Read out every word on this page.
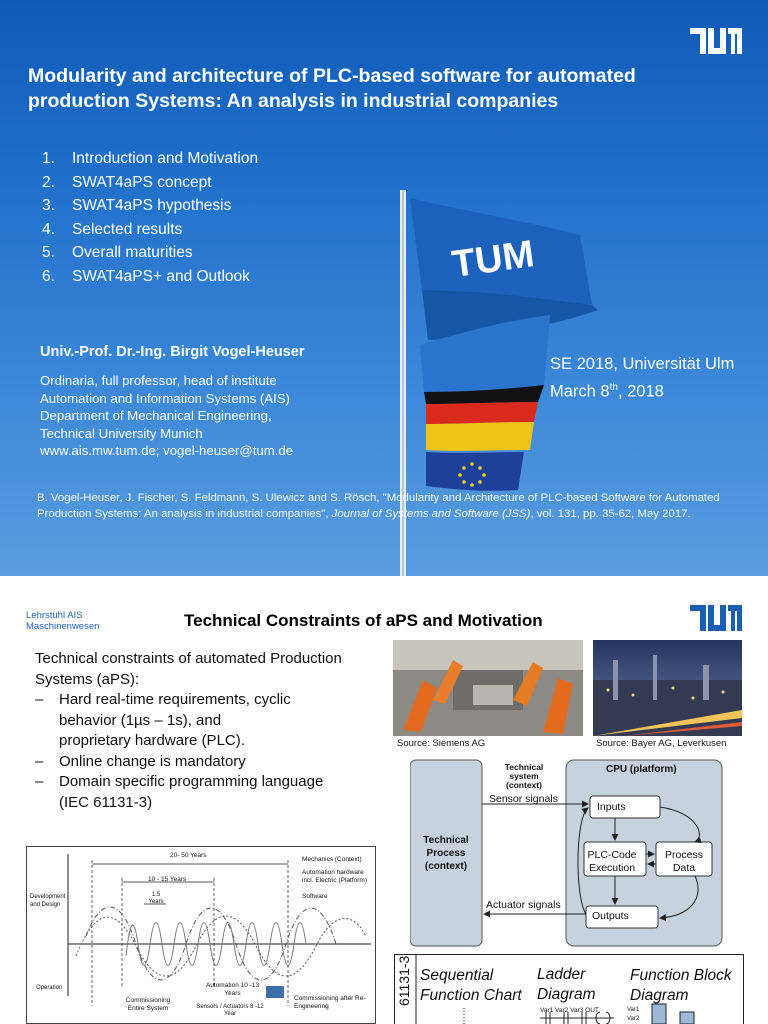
TUM
Modularity and architecture of PLC-based software for automated
production Systems: An analysis in industrial companies
1.	Introduction and Motivation
2.	SWAT4aPS concept
3.	SWAT4aPS hypothesis
4.	Selected results
5.	Overall maturities
6.	SWAT4aPS+ and Outlook
Univ.-Prof. Dr.-Ing. Birgit Vogel-Heuser
Ordinaria, full professor, head of institute
Automation and Information Systems (AIS)
Department of Mechanical Engineering,
Technical University Munich
www.ais.mw.tum.de; vogel-heuser@tum.de
SE 2018, Universität Ulm
March 8th, 2018
B. Vogel-Heuser, J. Fischer, S. Feldmann, S. Ulewicz and S. Rösch, "Modularity and Architecture of PLC-based Software for Automated Production Systems: An analysis in industrial companies", Journal of Systems and Software (JSS), vol. 131, pp. 35-62, May 2017.
Lehrstuhl AIS
Maschinenwesen	Technical Constraints of aPS and Motivation
Technical constraints of automated Production
Systems (aPS):
–	Hard real-time requirements, cyclic
behavior (1µs – 1s), and
proprietary hardware (PLC).
–	Online change is mandatory
–	Domain specific programming language
(IEC 61131-3)
Source: Siemens AG	Source: Bayer AG, Leverkusen
Technical system (context)
CPU (platform)
Technical Process (context)
Sensor signals
Actuator signals
Inputs
PLC-Code Execution
Process Data
Outputs
20- 50 Years
10 - 15 Years
1.5 Years
Automation 10 -13 Years
Sensors / Actuators 8 -12 Year
Mechanics (Context)
Automation hardware incl. Electric (Platform)
Software
Development and Design
Operation
Commissioning Entire System
Commissioning after Re-Engineering
61131-3 Sequential Function Chart
Ladder Diagram
Function Block Diagram
Var1 Var2 Var3 OUT	Var1
Var2
